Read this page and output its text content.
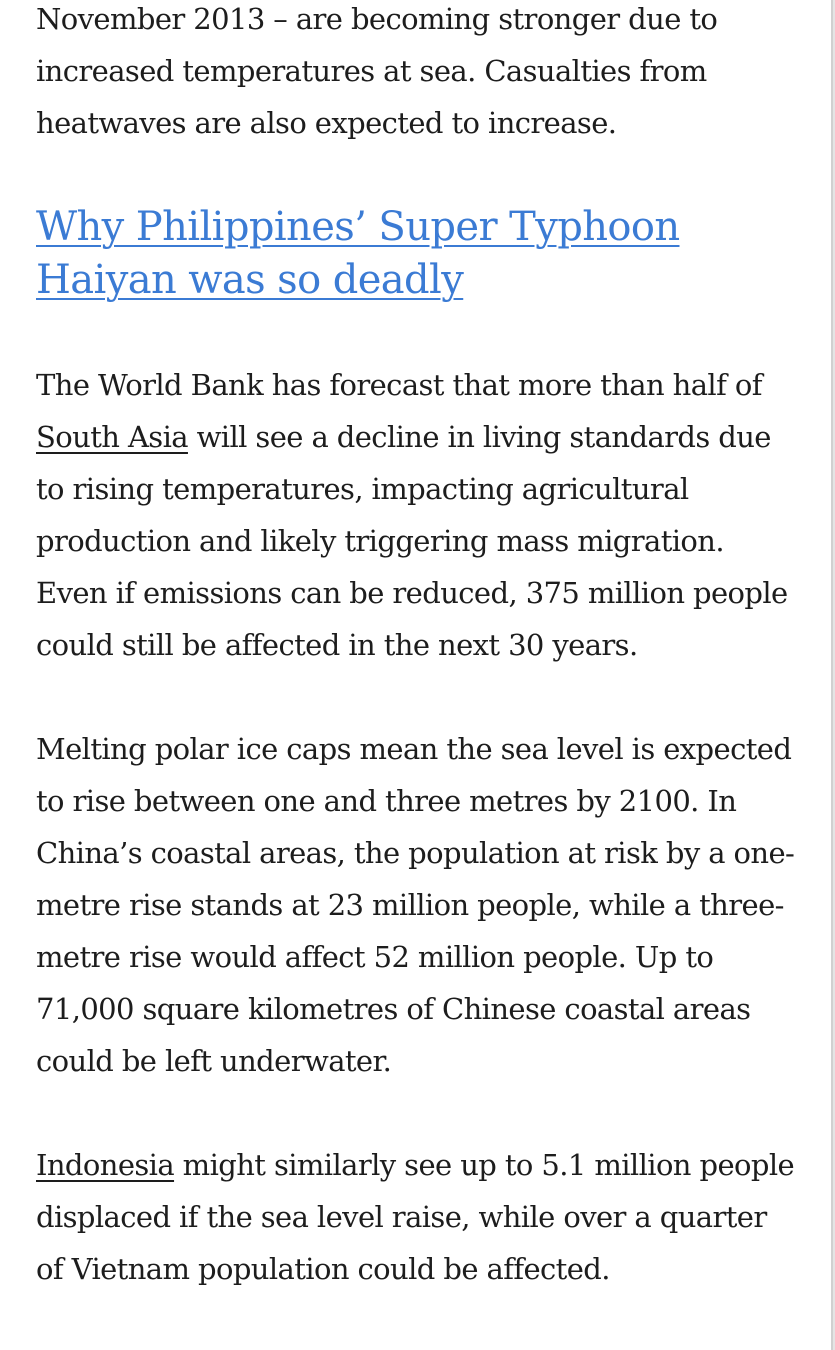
November 2013 – are becoming stronger due to increased temperatures at sea. Casualties from heatwaves are also expected to increase.

Why Philippines’ Super Typhoon Haiyan was so deadly

The World Bank has forecast that more than half of South Asia will see a decline in living standards due to rising temperatures, impacting agricultural production and likely triggering mass migration. Even if emissions can be reduced, 375 million people could still be affected in the next 30 years.

Melting polar ice caps mean the sea level is expected to rise between one and three metres by 2100. In China’s coastal areas, the population at risk by a one-metre rise stands at 23 million people, while a three-metre rise would affect 52 million people. Up to 71,000 square kilometres of Chinese coastal areas could be left underwater.

Indonesia might similarly see up to 5.1 million people displaced if the sea level raise, while over a quarter of Vietnam population could be affected.
